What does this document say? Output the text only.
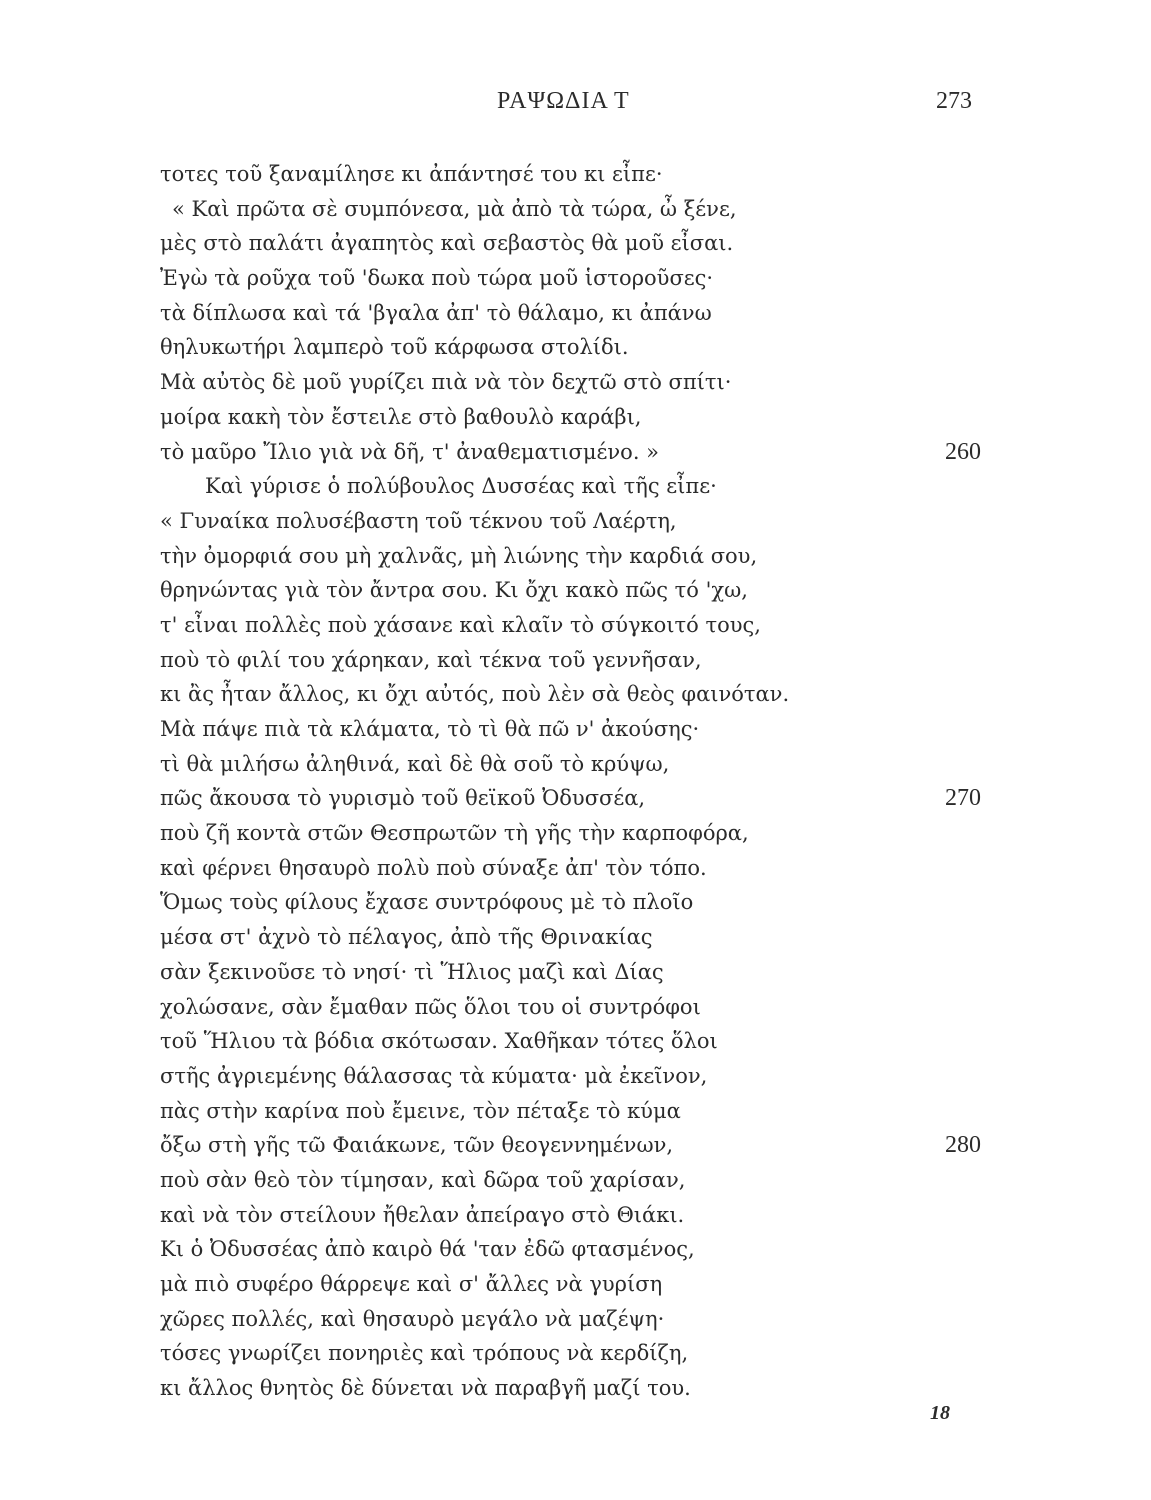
ΡΑΨΩΔΙΑ Τ	273
τοτες τοῦ ξαναμίλησε κι ἀπάντησέ του κι εἶπε·
« Καὶ πρῶτα σὲ συμπόνεσα, μὰ ἀπὸ τὰ τώρα, ὦ ξένε,
μὲς στὸ παλάτι ἀγαπητὸς καὶ σεβαστὸς θὰ μοῦ εἶσαι.
Ἐγὼ τὰ ροῦχα τοῦ 'δωκα ποὺ τώρα μοῦ ἱστοροῦσες·
τὰ δίπλωσα καὶ τά 'βγαλα ἀπ' τὸ θάλαμο, κι ἀπάνω
θηλυκωτήρι λαμπερὸ τοῦ κάρφωσα στολίδι.
Μὰ αὐτὸς δὲ μοῦ γυρίζει πιὰ νὰ τὸν δεχτῶ στὸ σπίτι·
μοίρα κακὴ τὸν ἔστειλε στὸ βαθουλὸ καράβι,
τὸ μαῦρο Ἴλιο γιὰ νὰ δῆ, τ' ἀναθεματισμένο. »	260
Καὶ γύρισε ὁ πολύβουλος Δυσσέας καὶ τῆς εἶπε·
« Γυναίκα πολυσέβαστη τοῦ τέκνου τοῦ Λαέρτη,
τὴν ὀμορφιά σου μὴ χαλνᾶς, μὴ λιώνης τὴν καρδιά σου,
θρηνώντας γιὰ τὸν ἄντρα σου. Κι ὄχι κακὸ πῶς τό 'χω,
τ' εἶναι πολλὲς ποὺ χάσανε καὶ κλαῖν τὸ σύγκοιτό τους,
ποὺ τὸ φιλί του χάρηκαν, καὶ τέκνα τοῦ γεννῆσαν,
κι ἂς ἦταν ἄλλος, κι ὄχι αὐτός, ποὺ λὲν σὰ θεὸς φαινόταν.
Μὰ πάψε πιὰ τὰ κλάματα, τὸ τὶ θὰ πῶ ν' ἀκούσης·
τὶ θὰ μιλήσω ἀληθινά, καὶ δὲ θὰ σοῦ τὸ κρύψω,
πῶς ἄκουσα τὸ γυρισμὸ τοῦ θεϊκοῦ Ὀδυσσέα,	270
ποὺ ζῆ κοντὰ στῶν Θεσπρωτῶν τὴ γῆς τὴν καρποφόρα,
καὶ φέρνει θησαυρὸ πολὺ ποὺ σύναξε ἀπ' τὸν τόπο.
Ὅμως τοὺς φίλους ἔχασε συντρόφους μὲ τὸ πλοῖο
μέσα στ' ἀχνὸ τὸ πέλαγος, ἀπὸ τῆς Θρινακίας
σὰν ξεκινοῦσε τὸ νησί· τὶ Ἥλιος μαζὶ καὶ Δίας
χολώσανε, σὰν ἔμαθαν πῶς ὅλοι του οἱ συντρόφοι
τοῦ Ἥλιου τὰ βόδια σκότωσαν. Χαθῆκαν τότες ὅλοι
στῆς ἀγριεμένης θάλασσας τὰ κύματα· μὰ ἐκεῖνον,
πὰς στὴν καρίνα ποὺ ἔμεινε, τὸν πέταξε τὸ κύμα
ὄξω στὴ γῆς τῶ Φαιάκωνε, τῶν θεογεννημένων,	280
ποὺ σὰν θεὸ τὸν τίμησαν, καὶ δῶρα τοῦ χαρίσαν,
καὶ νὰ τὸν στείλουν ἤθελαν ἀπείραγο στὸ Θιάκι.
Κι ὁ Ὀδυσσέας ἀπὸ καιρὸ θά 'ταν ἐδῶ φτασμένος,
μὰ πιὸ συφέρο θάρρεψε καὶ σ' ἄλλες νὰ γυρίση
χῶρες πολλές, καὶ θησαυρὸ μεγάλο νὰ μαζέψη·
τόσες γνωρίζει πονηριὲς καὶ τρόπους νὰ κερδίζη,
κι ἄλλος θνητὸς δὲ δύνεται νὰ παραβγῆ μαζί του.
18
